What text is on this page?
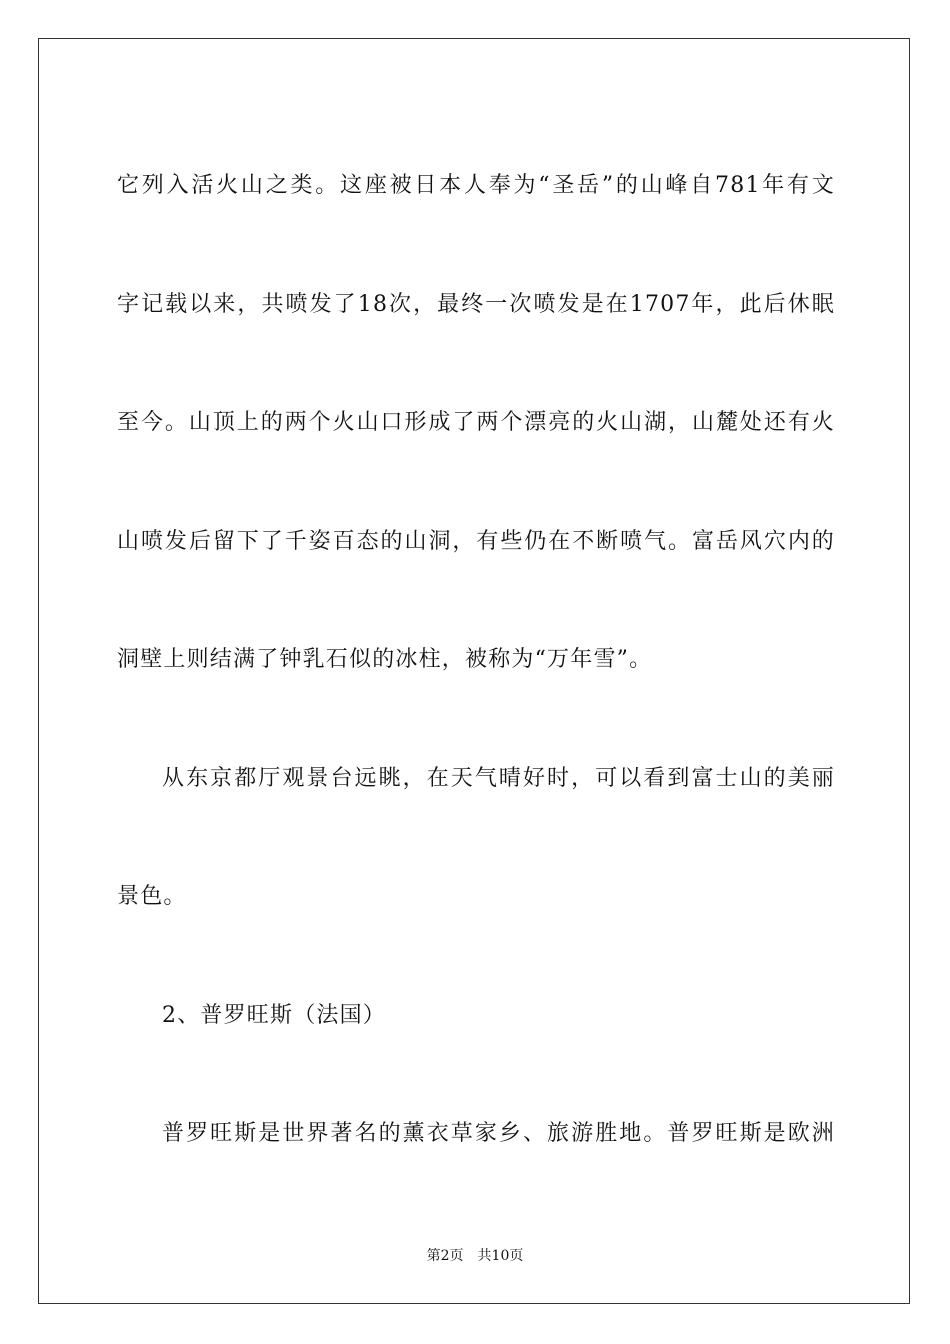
它列入活火山之类。这座被日本人奉为“圣岳”的山峰自781年有文
字记载以来，共喷发了18次，最终一次喷发是在1707年，此后休眠
至今。山顶上的两个火山口形成了两个漂亮的火山湖，山麓处还有火
山喷发后留下了千姿百态的山洞，有些仍在不断喷气。富岳风穴内的
洞壁上则结满了钟乳石似的冰柱，被称为“万年雪”。
从东京都厅观景台远眺，在天气晴好时，可以看到富士山的美丽
景色。
2、普罗旺斯（法国）
普罗旺斯是世界著名的薰衣草家乡、旅游胜地。普罗旺斯是欧洲
第2页 共10页
